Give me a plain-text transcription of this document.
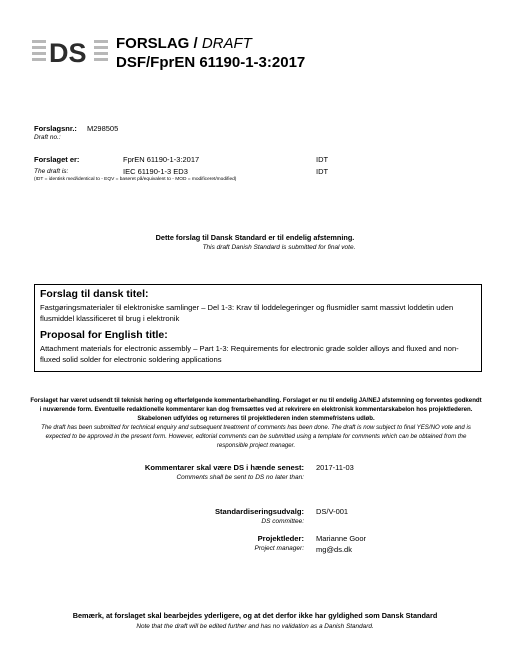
DS FORSLAG / DRAFT
DSF/FprEN 61190-1-3:2017
Forslagsnr.:
Draft no.:
M298505
Forslaget er:
The draft is:
FprEN 61190-1-3:2017
IEC 61190-1-3 ED3
IDT
IDT
(IDT = identisk med/identical to - EQV = baseret på/equivalent to - MOD = modificeret/modified)
Dette forslag til Dansk Standard er til endelig afstemning.
This draft Danish Standard is submitted for final vote.
Forslag til dansk titel:

Fastgøringsmaterialer til elektroniske samlinger – Del 1-3: Krav til loddelegeringer og flusmidler samt massivt loddetin uden flusmiddel klassificeret til brug i elektronik

Proposal for English title:

Attachment materials for electronic assembly – Part 1-3: Requirements for electronic grade solder alloys and fluxed and non-fluxed solid solder for electronic soldering applications

Forslaget har været udsendt til teknisk høring og efterfølgende kommentarbehandling. Forslaget er nu til endelig JA/NEJ afstemning og forventes godkendt i nuværende form. Eventuelle redaktionelle kommentarer kan dog fremsættes ved at rekvirere en elektronisk kommentarskabelon hos projektlederen. Skabelonen udfyldes og returneres til projektlederen inden stemmefristens udløb.
The draft has been submitted for technical enquiry and subsequent treatment of comments has been done. The draft is now subject to final YES/NO vote and is expected to be approved in the present form. However, editorial comments can be submitted using a template for comments which can be obtained from the responsible project manager.
Kommentarer skal være DS i hænde senest:
Comments shall be sent to DS no later than:
2017-11-03
Standardiseringsudvalg:
DS committee:
DS/V-001
Projektleder:
Project manager:
Marianne Goor
mg@ds.dk
Bemærk, at forslaget skal bearbejdes yderligere, og at det derfor ikke har gyldighed som Dansk Standard
Note that the draft will be edited further and has no validation as a Danish Standard.
